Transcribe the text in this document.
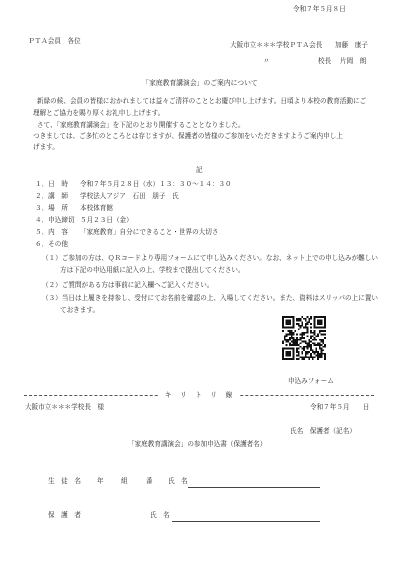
令和７年５月８日
ＰＴＡ会員　各位	大阪市立＊＊＊学校ＰＴＡ会長 加藤　康子
〃	校長 片岡　朗
「家庭教育講演会」のご案内について
新緑の候、会員の皆様におかれましては益々ご清祥のこととお慶び申し上げます。日頃より本校の教育活動にご
理解とご協力を賜り厚くお礼申し上げます。
さて、「家庭教育講演会」を下記のとおり開催することとなりました。
つきましては、ご多忙のところとは存じますが、保護者の皆様のご参加をいただきますようご案内申し上
げます。
記
１．日　時 令和７年５月２８日（水）１３：３０～１４：３０
２．講　師 学校法人アジア　石田　朋子　氏
３．場　所 本校体育館
４．申込締切 ５月２３日（金）
５．内　容 「家庭教育」自分にできること・世界の大切さ
６．その他
（１）ご参加の方は、ＱＲコードより専用フォームにて申し込みください。なお、ネット上での申し込みが難しい
方は下記の申込用紙に記入の上、学校まで提出してください。
（２）ご質問がある方は事前に記入欄へご記入ください。
（３）当日は上履きを持参し、受付にてお名前を確認の上、入場してください。また、資料はスリッパの上に置い
ておきます。
申込みフォーム
キ　リ　ト　リ　線
大阪市立＊＊＊学校長　様	令和７年５月　　日
氏名　保護者（記名）
「家庭教育講演会」の参加申込書（保護者名）
生　徒　名 年	組	番 氏　名
保　護　者	氏　名
